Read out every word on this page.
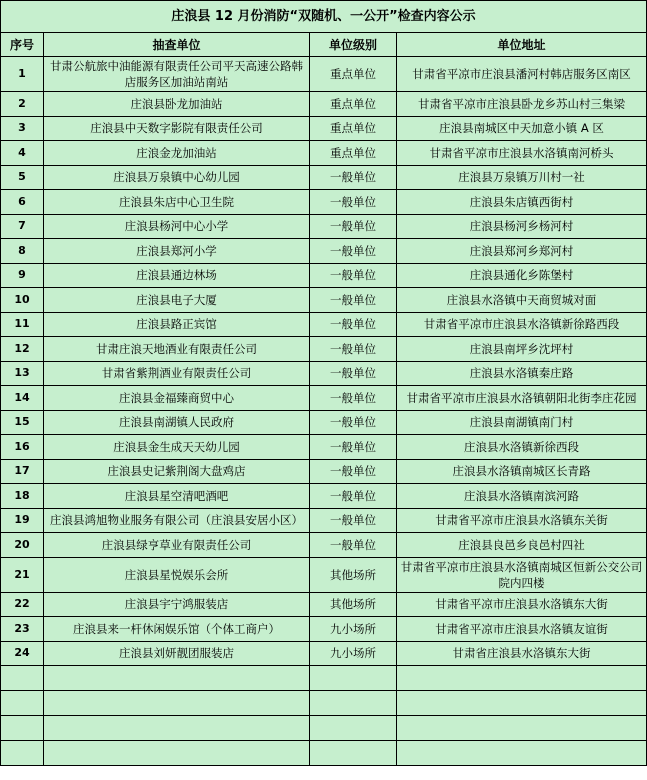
庄浪县 12 月份消防“双随机、一公开”检查内容公示			
序号	抽查单位	单位级别	单位地址
1	甘肃公航旅中油能源有限责任公司平天高速公路韩店服务区加油站南站	重点单位	甘肃省平凉市庄浪县潘河村韩店服务区南区
2	庄浪县卧龙加油站	重点单位	甘肃省平凉市庄浪县卧龙乡苏山村三集梁
3	庄浪县中天数字影院有限责任公司	重点单位	庄浪县南城区中天加意小镇 A 区
4	庄浪金龙加油站	重点单位	甘肃省平凉市庄浪县水洛镇南河桥头
5	庄浪县万泉镇中心幼儿园	一般单位	庄浪县万泉镇万川村一社
6	庄浪县朱店中心卫生院	一般单位	庄浪县朱店镇西街村
7	庄浪县杨河中心小学	一般单位	庄浪县杨河乡杨河村
8	庄浪县郑河小学	一般单位	庄浪县郑河乡郑河村
9	庄浪县通边林场	一般单位	庄浪县通化乡陈堡村
10	庄浪县电子大厦	一般单位	庄浪县水洛镇中天商贸城对面
11	庄浪县路正宾馆	一般单位	甘肃省平凉市庄浪县水洛镇新徐路西段
12	甘肃庄浪天地酒业有限责任公司	一般单位	庄浪县南坪乡沈坪村
13	甘肃省紫荆酒业有限责任公司	一般单位	庄浪县水洛镇秦庄路
14	庄浪县金福臻商贸中心	一般单位	甘肃省平凉市庄浪县水洛镇朝阳北街李庄花园
15	庄浪县南湖镇人民政府	一般单位	庄浪县南湖镇南门村
16	庄浪县金生成天天幼儿园	一般单位	庄浪县水洛镇新徐西段
17	庄浪县史记紫荆阁大盘鸡店	一般单位	庄浪县水洛镇南城区长青路
18	庄浪县星空清吧酒吧	一般单位	庄浪县水洛镇南滨河路
19	庄浪县鸿旭物业服务有限公司（庄浪县安居小区）	一般单位	甘肃省平凉市庄浪县水洛镇东关街
20	庄浪县绿亨草业有限责任公司	一般单位	庄浪县良邑乡良邑村四社
21	庄浪县星悦娱乐会所	其他场所	甘肃省平凉市庄浪县水洛镇南城区恒新公交公司院内四楼
22	庄浪县宇宁鸿服装店	其他场所	甘肃省平凉市庄浪县水洛镇东大街
23	庄浪县来一杆休闲娱乐馆（个体工商户）	九小场所	甘肃省平凉市庄浪县水洛镇友谊街
24	庄浪县刘妍靓团服装店	九小场所	甘肃省庄浪县水洛镇东大街
